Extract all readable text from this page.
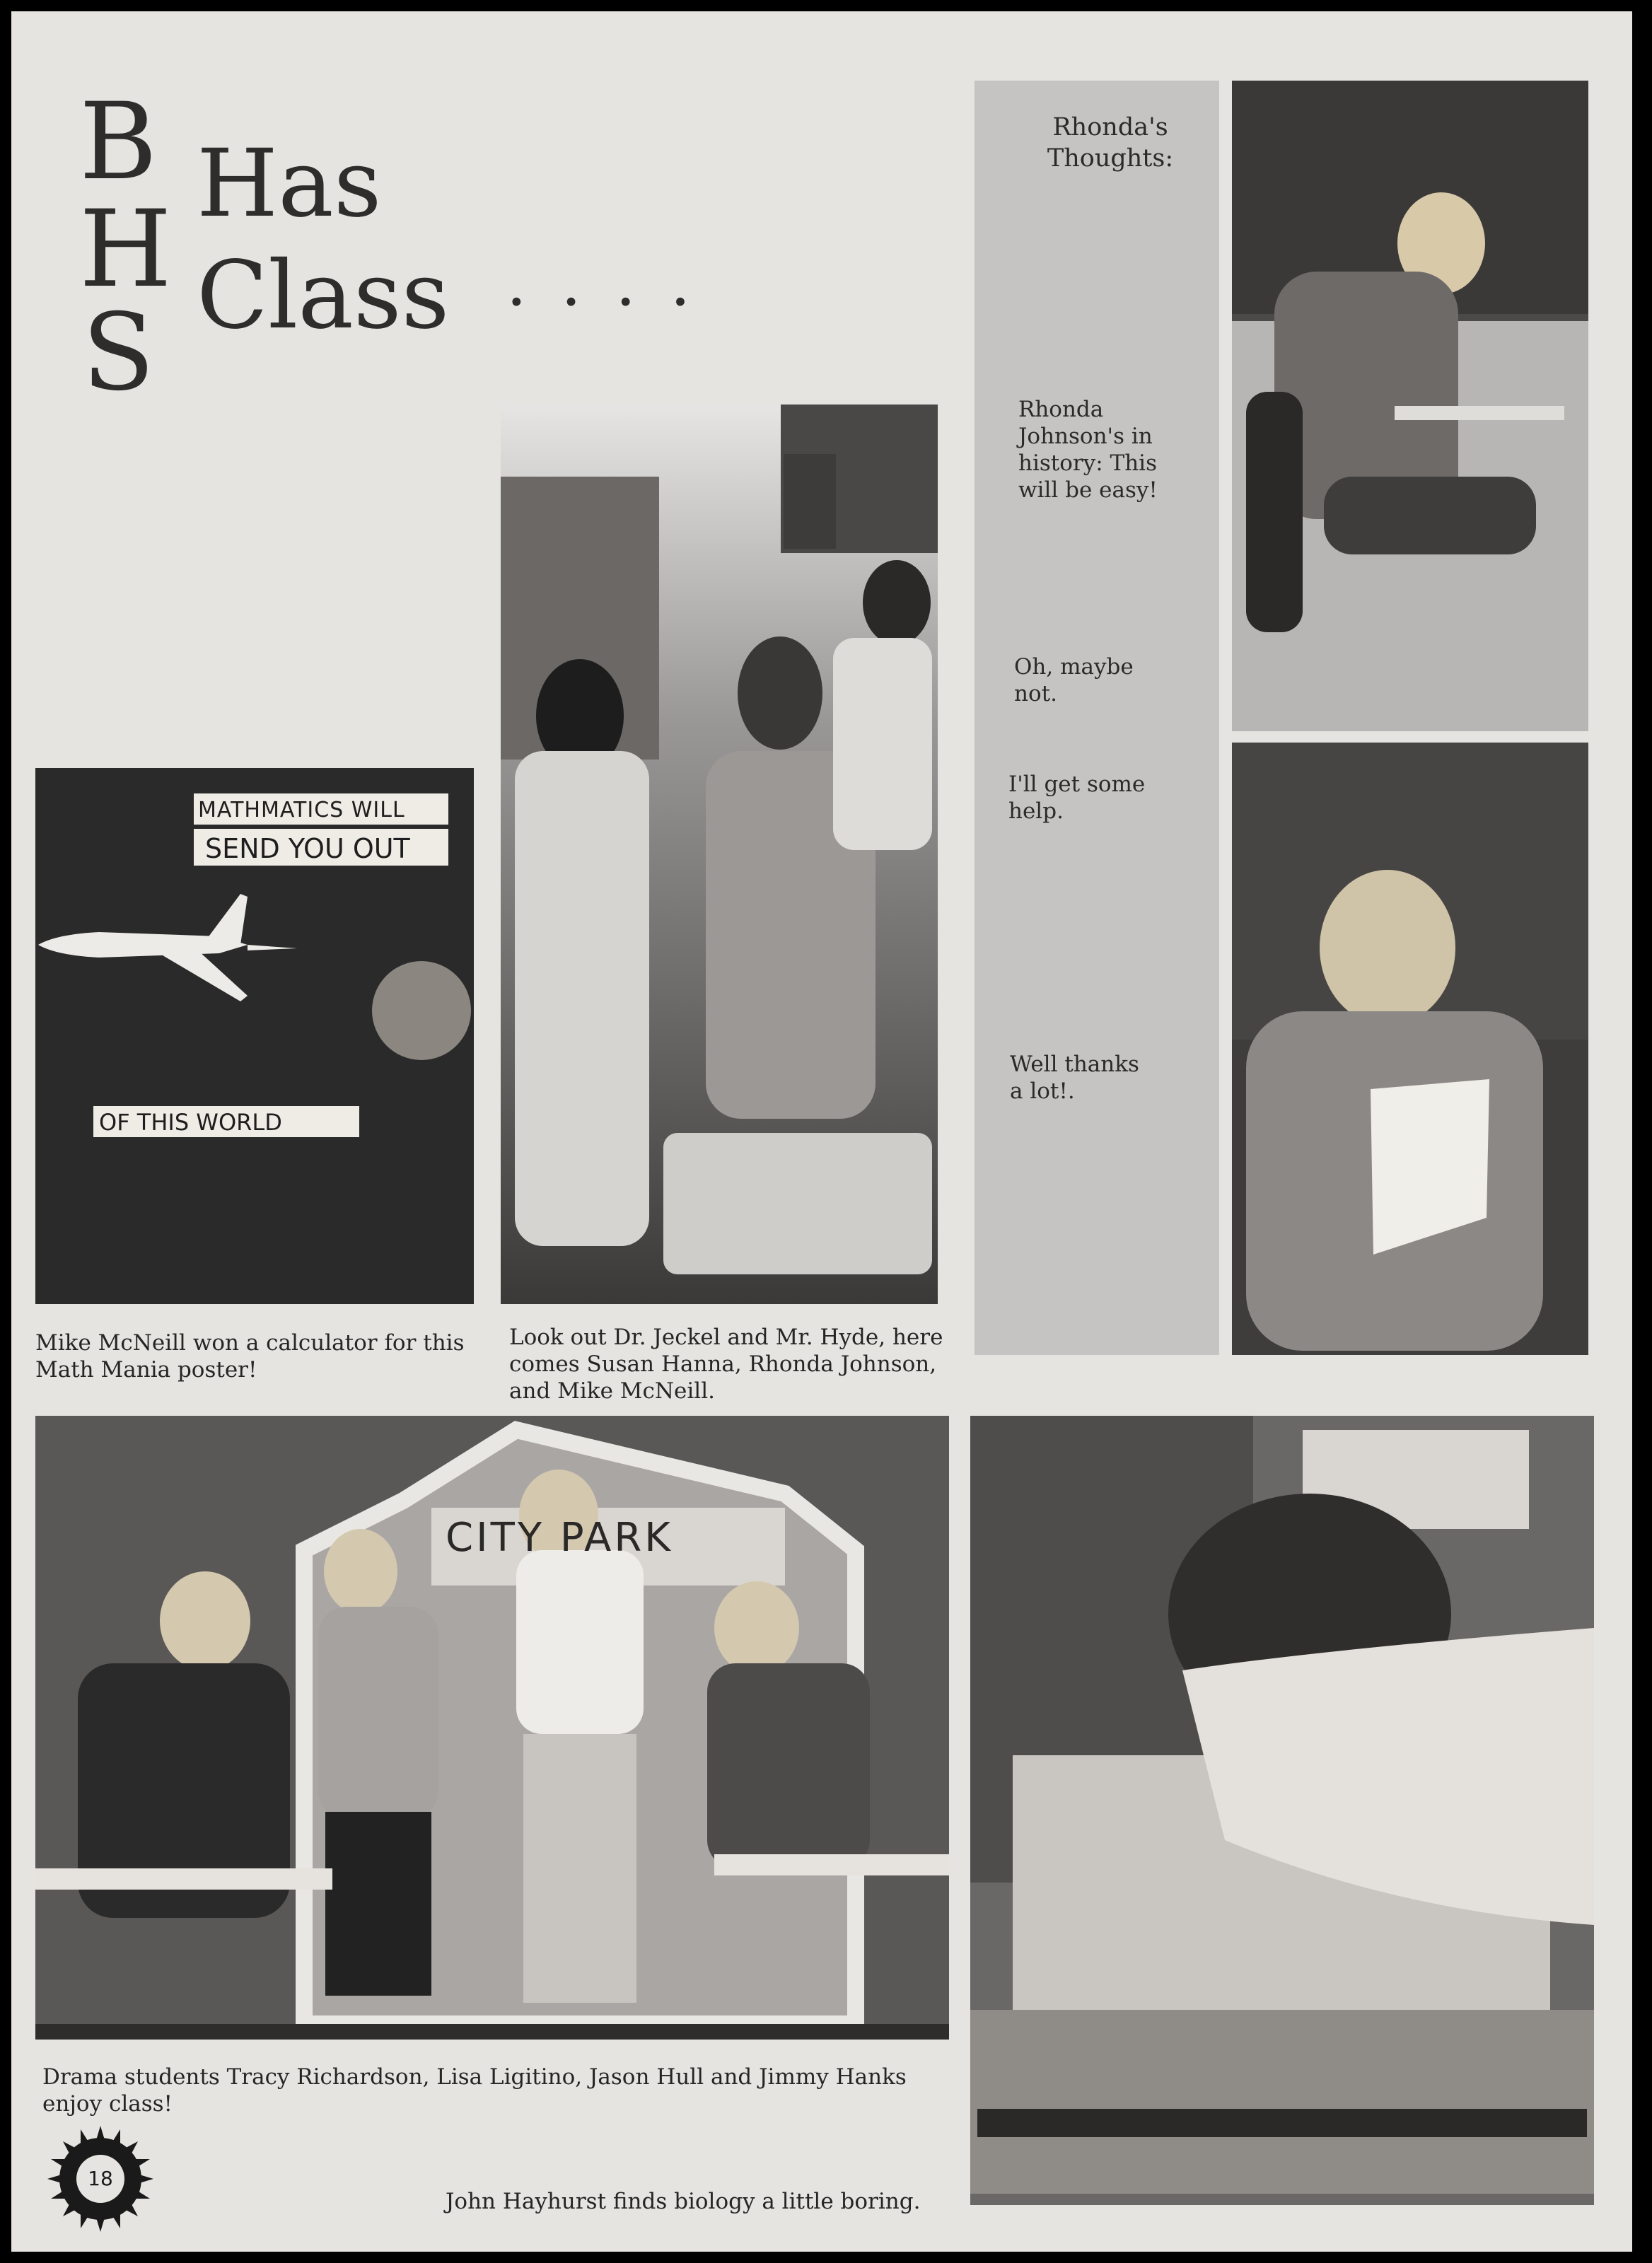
B
H
S
Has
Class . . . .
MATHMATICS WILL
SEND YOU OUT
OF THIS WORLD
Rhonda's
Thoughts:
Rhonda
Johnson's in
history: This
will be easy!
Oh, maybe
not.
I'll get some
help.
Well thanks
a lot!.
Mike McNeill won a calculator for this
Math Mania poster!
Look out Dr. Jeckel and Mr. Hyde, here
comes Susan Hanna, Rhonda Johnson,
and Mike McNeill.
CITY PARK
Drama students Tracy Richardson, Lisa Ligitino, Jason Hull and Jimmy Hanks
enjoy class!
John Hayhurst finds biology a little boring.
18
